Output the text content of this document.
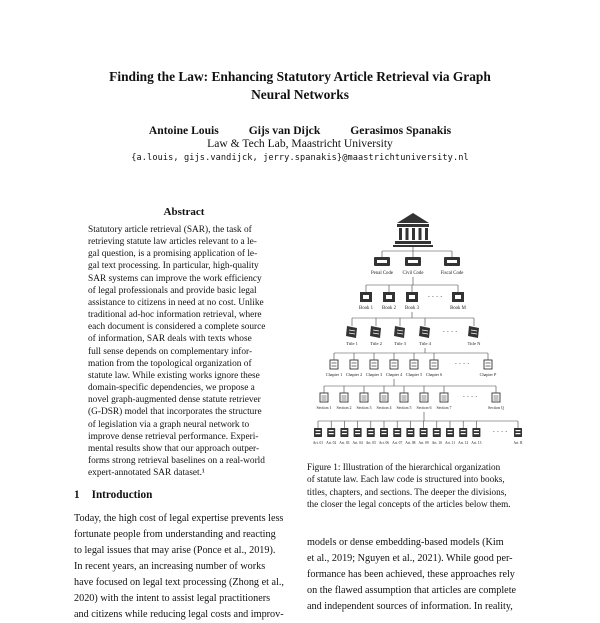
Finding the Law: Enhancing Statutory Article Retrieval via Graph
Neural Networks
Antoine Louis	Gijs van Dijck	Gerasimos Spanakis
Law & Tech Lab, Maastricht University
{a.louis, gijs.vandijck, jerry.spanakis}@maastrichtuniversity.nl
Abstract
Statutory article retrieval (SAR), the task of
retrieving statute law articles relevant to a le-
gal question, is a promising application of le-
gal text processing. In particular, high-quality
SAR systems can improve the work efficiency
of legal professionals and provide basic legal
assistance to citizens in need at no cost. Unlike
traditional ad-hoc information retrieval, where
each document is considered a complete source
of information, SAR deals with texts whose
full sense depends on complementary infor-
mation from the topological organization of
statute law. While existing works ignore these
domain-specific dependencies, we propose a
novel graph-augmented dense statute retriever
(G-DSR) model that incorporates the structure
of legislation via a graph neural network to
improve dense retrieval performance. Experi-
mental results show that our approach outper-
forms strong retrieval baselines on a real-world
expert-annotated SAR dataset.¹
1 Introduction
Today, the high cost of legal expertise prevents less
fortunate people from understanding and reacting
to legal issues that may arise (Ponce et al., 2019).
In recent years, an increasing number of works
have focused on legal text processing (Zhong et al.,
2020) with the intent to assist legal practitioners
and citizens while reducing legal costs and improv-
models or dense embedding-based models (Kim
et al., 2019; Nguyen et al., 2021). While good per-
formance has been achieved, these approaches rely
on the flawed assumption that articles are complete
and independent sources of information. In reality,
Penal Code Civil Code	Fiscal Code
Book 1 Book 2 Book 3	Book M
· · · ·
Title 1	Title 2	Title 3	Title 4	Title N
· · · ·
Chapter 1 Chapter 2 Chapter 3 Chapter 4 Chapter 5 Chapter 6	Chapter P
· · · ·
Section 1 Section 2 Section 3 Section 4 Section 5 Section 6 Section 7	Section Q
· · · ·
Art. 01 Art. 02 Art. 03 Art. 04 Art. 05 Art. 06 Art. 07 Art. 08 Art. 09 Art. 10 Art. 11 Art. 12 Art. 13	Art. R
· · · ·
Figure 1: Illustration of the hierarchical organization
of statute law. Each law code is structured into books,
titles, chapters, and sections. The deeper the divisions,
the closer the legal concepts of the articles below them.
